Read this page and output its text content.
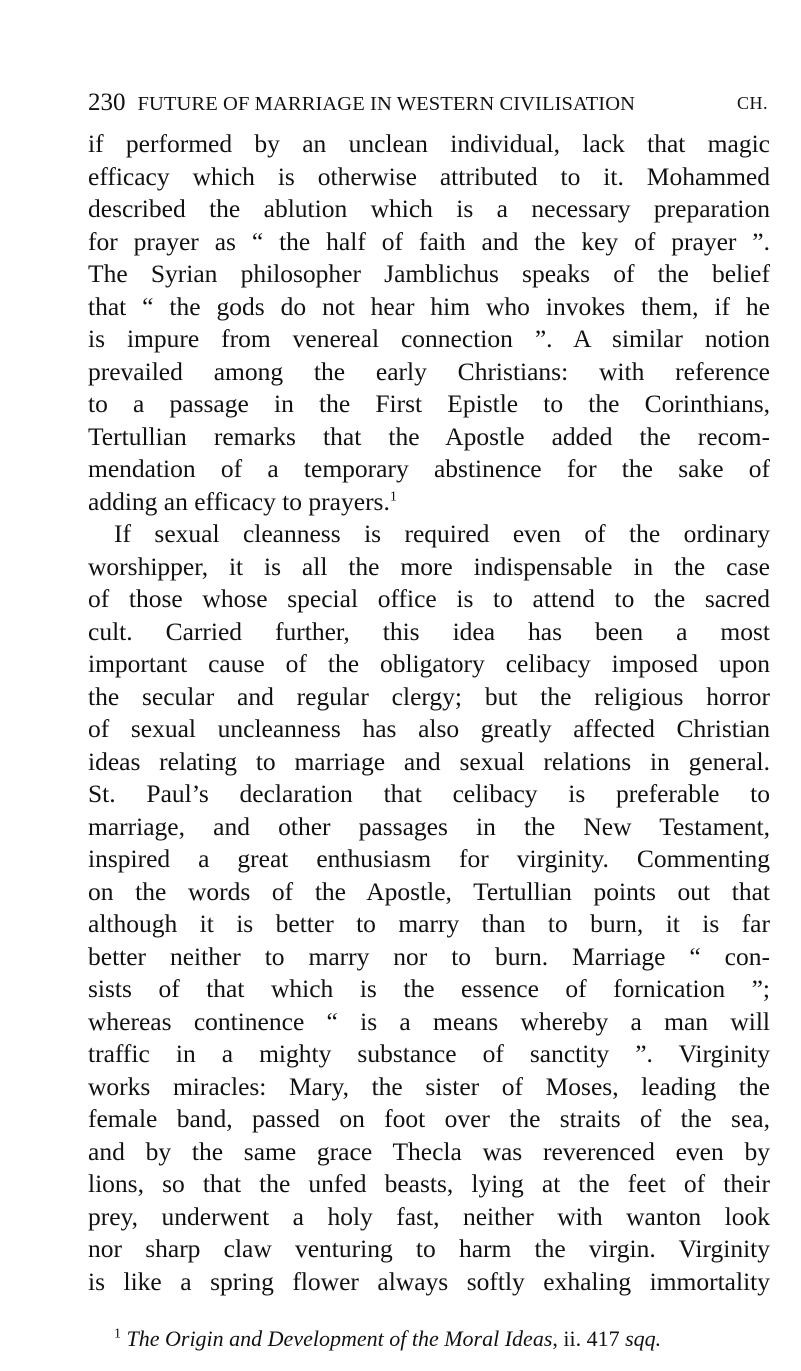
230 FUTURE OF MARRIAGE IN WESTERN CIVILISATION	CH.
if performed by an unclean individual, lack that magic
efficacy which is otherwise attributed to it. Mohammed
described the ablution which is a necessary preparation
for prayer as “ the half of faith and the key of prayer ”.
The Syrian philosopher Jamblichus speaks of the belief
that “ the gods do not hear him who invokes them, if he
is impure from venereal connection ”. A similar notion
prevailed among the early Christians: with reference
to a passage in the First Epistle to the Corinthians,
Tertullian remarks that the Apostle added the recom-
mendation of a temporary abstinence for the sake of
adding an efficacy to prayers.$^1$
If sexual cleanness is required even of the ordinary
worshipper, it is all the more indispensable in the case
of those whose special office is to attend to the sacred
cult. Carried further, this idea has been a most
important cause of the obligatory celibacy imposed upon
the secular and regular clergy; but the religious horror
of sexual uncleanness has also greatly affected Christian
ideas relating to marriage and sexual relations in general.
St. Paul’s declaration that celibacy is preferable to
marriage, and other passages in the New Testament,
inspired a great enthusiasm for virginity. Commenting
on the words of the Apostle, Tertullian points out that
although it is better to marry than to burn, it is far
better neither to marry nor to burn. Marriage “ con-
sists of that which is the essence of fornication ”;
whereas continence “ is a means whereby a man will
traffic in a mighty substance of sanctity ”. Virginity
works miracles: Mary, the sister of Moses, leading the
female band, passed on foot over the straits of the sea,
and by the same grace Thecla was reverenced even by
lions, so that the unfed beasts, lying at the feet of their
prey, underwent a holy fast, neither with wanton look
nor sharp claw venturing to harm the virgin. Virginity
is like a spring flower always softly exhaling immortality
$^1$ The Origin and Development of the Moral Ideas, ii. 417 sqq.
